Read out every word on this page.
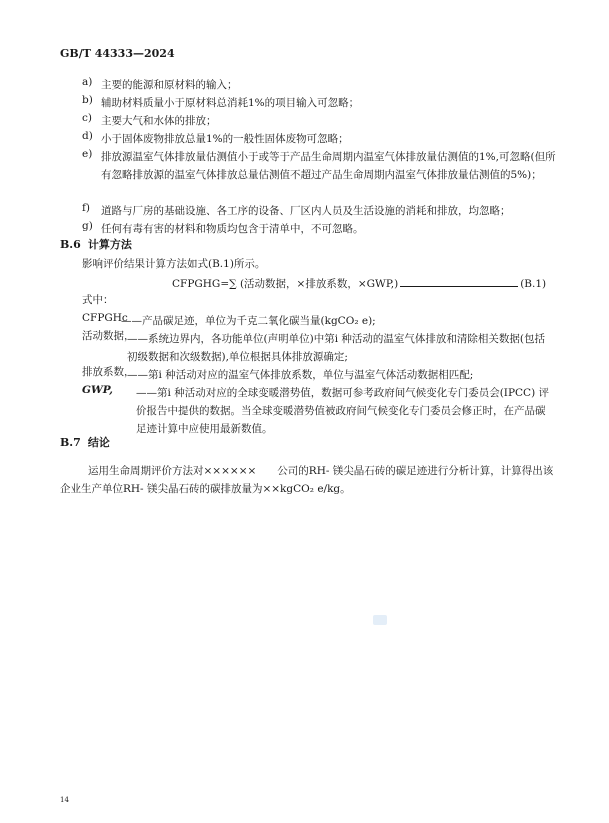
GB/T 44333—2024
a) 主要的能源和原材料的输入；
b) 辅助材料质量小于原材料总消耗1%的项目输入可忽略；
c) 主要大气和水体的排放；
d) 小于固体废物排放总量1%的一般性固体废物可忽略；
e) 排放源温室气体排放量估测值小于或等于产品生命周期内温室气体排放量估测值的1%,可忽略(但所有忽略排放源的温室气体排放总量估测值不超过产品生命周期内温室气体排放量估测值的5%)；
f)	道路与厂房的基础设施、各工序的设备、厂区内人员及生活设施的消耗和排放，均忽略；
g) 任何有毒有害的材料和物质均包含于清单中，不可忽略。
B.6 计算方法
影响评价结果计算方法如式(B.1)所示。
CFPGHG=∑ (活动数据，×排放系数，×GWP,)	(B.1)
式中：
CFPGHc
——产品碳足迹，单位为千克二氧化碳当量(kgCO₂ e);
活动数据，
——系统边界内，各功能单位(声明单位)中第i 种活动的温室气体排放和清除相关数据(包括初级数据和次级数据),单位根据具体排放源确定;
排放系数，
——第i 种活动对应的温室气体排放系数，单位与温室气体活动数据相匹配;
GWP, ——第i 种活动对应的全球变暖潜势值，数据可参考政府间气候变化专门委员会(IPCC) 评价报告中提供的数据。当全球变暖潜势值被政府间气候变化专门委员会修正时，在产品碳足迹计算中应使用最新数值。
B.7 结论
运用生命周期评价方法对××××××　　公司的RH- 镁尖晶石砖的碳足迹进行分析计算，计算得出该企业生产单位RH- 镁尖晶石砖的碳排放量为××kgCO₂ e/kg。
14
